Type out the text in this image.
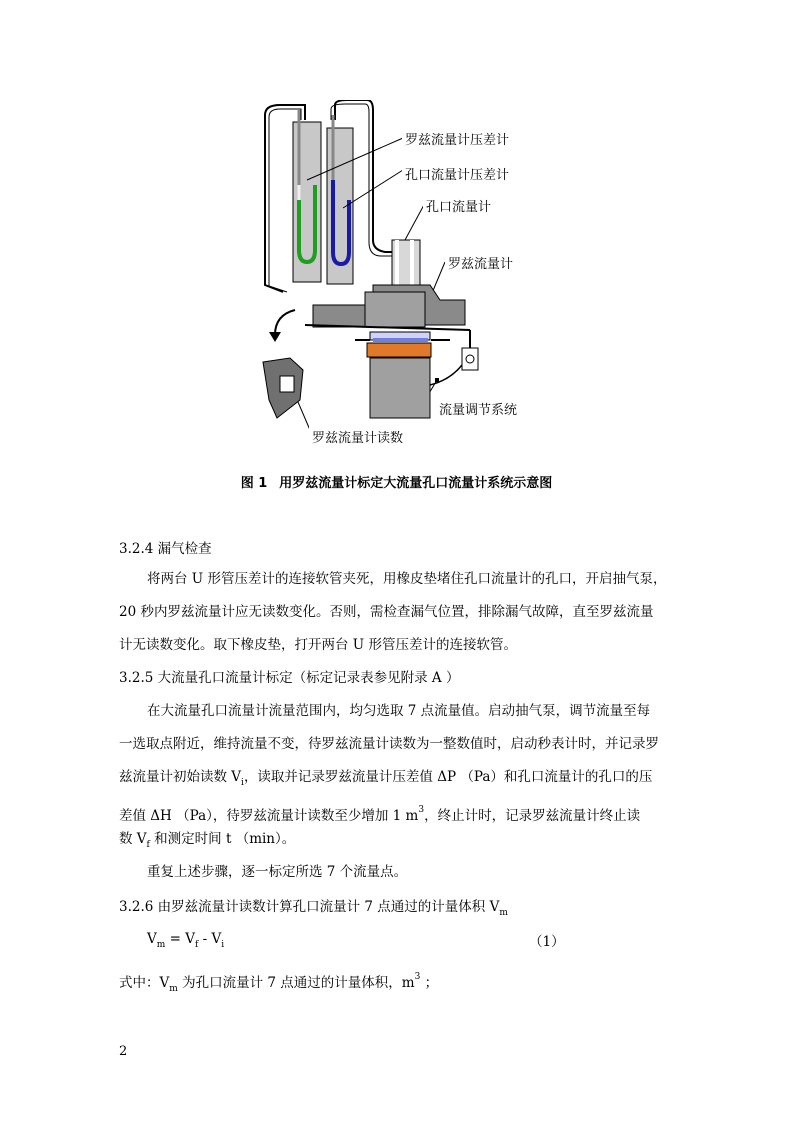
罗兹流量计压差计
孔口流量计压差计
孔口流量计
罗兹流量计
流量调节系统
罗兹流量计读数
图 1 用罗兹流量计标定大流量孔口流量计系统示意图
3.2.4 漏气检查
将两台 U 形管压差计的连接软管夹死，用橡皮垫堵住孔口流量计的孔口，开启抽气泵，
20 秒内罗兹流量计应无读数变化。否则，需检查漏气位置，排除漏气故障，直至罗兹流量
计无读数变化。取下橡皮垫，打开两台 U 形管压差计的连接软管。
3.2.5 大流量孔口流量计标定（标定记录表参见附录 A ）
在大流量孔口流量计流量范围内，均匀选取 7 点流量值。启动抽气泵，调节流量至每
一选取点附近，维持流量不变，待罗兹流量计读数为一整数值时，启动秒表计时，并记录罗
兹流量计初始读数 $V_i$，读取并记录罗兹流量计压差值 ΔP （Pa）和孔口流量计的孔口的压
差值 ΔH （Pa），待罗兹流量计读数至少增加 1 $m^3$，终止计时，记录罗兹流量计终止读
数 $V_f$ 和测定时间 t （min）。
重复上述步骤，逐一标定所选 7 个流量点。
3.2.6 由罗兹流量计读数计算孔口流量计 7 点通过的计量体积 $V_m$
$V_m = V_f - V_i$	（1）
式中：$V_m$ 为孔口流量计 7 点通过的计量体积，$m^3$ ；
2
